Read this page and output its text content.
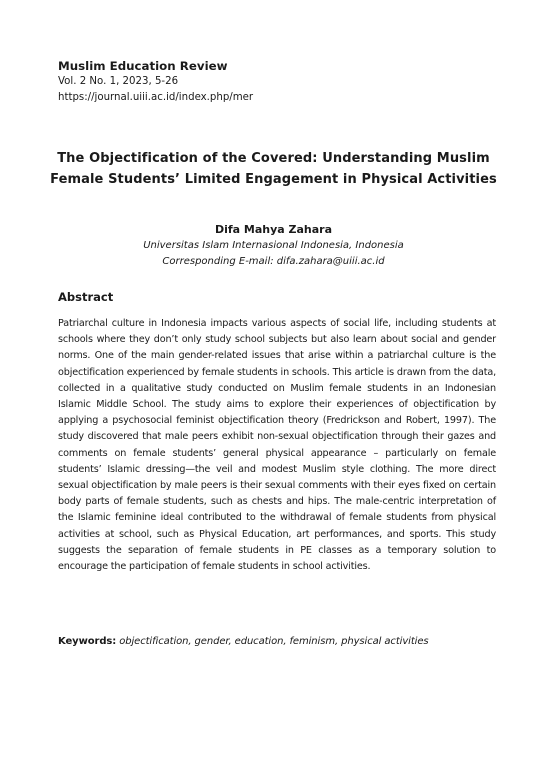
Muslim Education Review
Vol. 2 No. 1, 2023, 5-26
https://journal.uiii.ac.id/index.php/mer
The Objectification of the Covered: Understanding Muslim
Female Students’ Limited Engagement in Physical Activities
Difa Mahya Zahara
Universitas Islam Internasional Indonesia, Indonesia
Corresponding E-mail: difa.zahara@uiii.ac.id
Abstract
Patriarchal culture in Indonesia impacts various aspects of social life, including students at schools where they don’t only study school subjects but also learn about social and gender norms. One of the main gender-related issues that arise within a patriarchal culture is the objectification experienced by female students in schools. This article is drawn from the data, collected in a qualitative study conducted on Muslim female students in an Indonesian Islamic Middle School. The study aims to explore their experiences of objectification by applying a psychosocial feminist objectification theory (Fredrickson and Robert, 1997). The study discovered that male peers exhibit non-sexual objectification through their gazes and comments on female students’ general physical appearance – particularly on female students’ Islamic dressing—the veil and modest Muslim style clothing. The more direct sexual objectification by male peers is their sexual comments with their eyes fixed on certain body parts of female students, such as chests and hips. The male-centric interpretation of the Islamic feminine ideal contributed to the withdrawal of female students from physical activities at school, such as Physical Education, art performances, and sports. This study suggests the separation of female students in PE classes as a temporary solution to encourage the participation of female students in school activities.
Keywords: objectification, gender, education, feminism, physical activities
